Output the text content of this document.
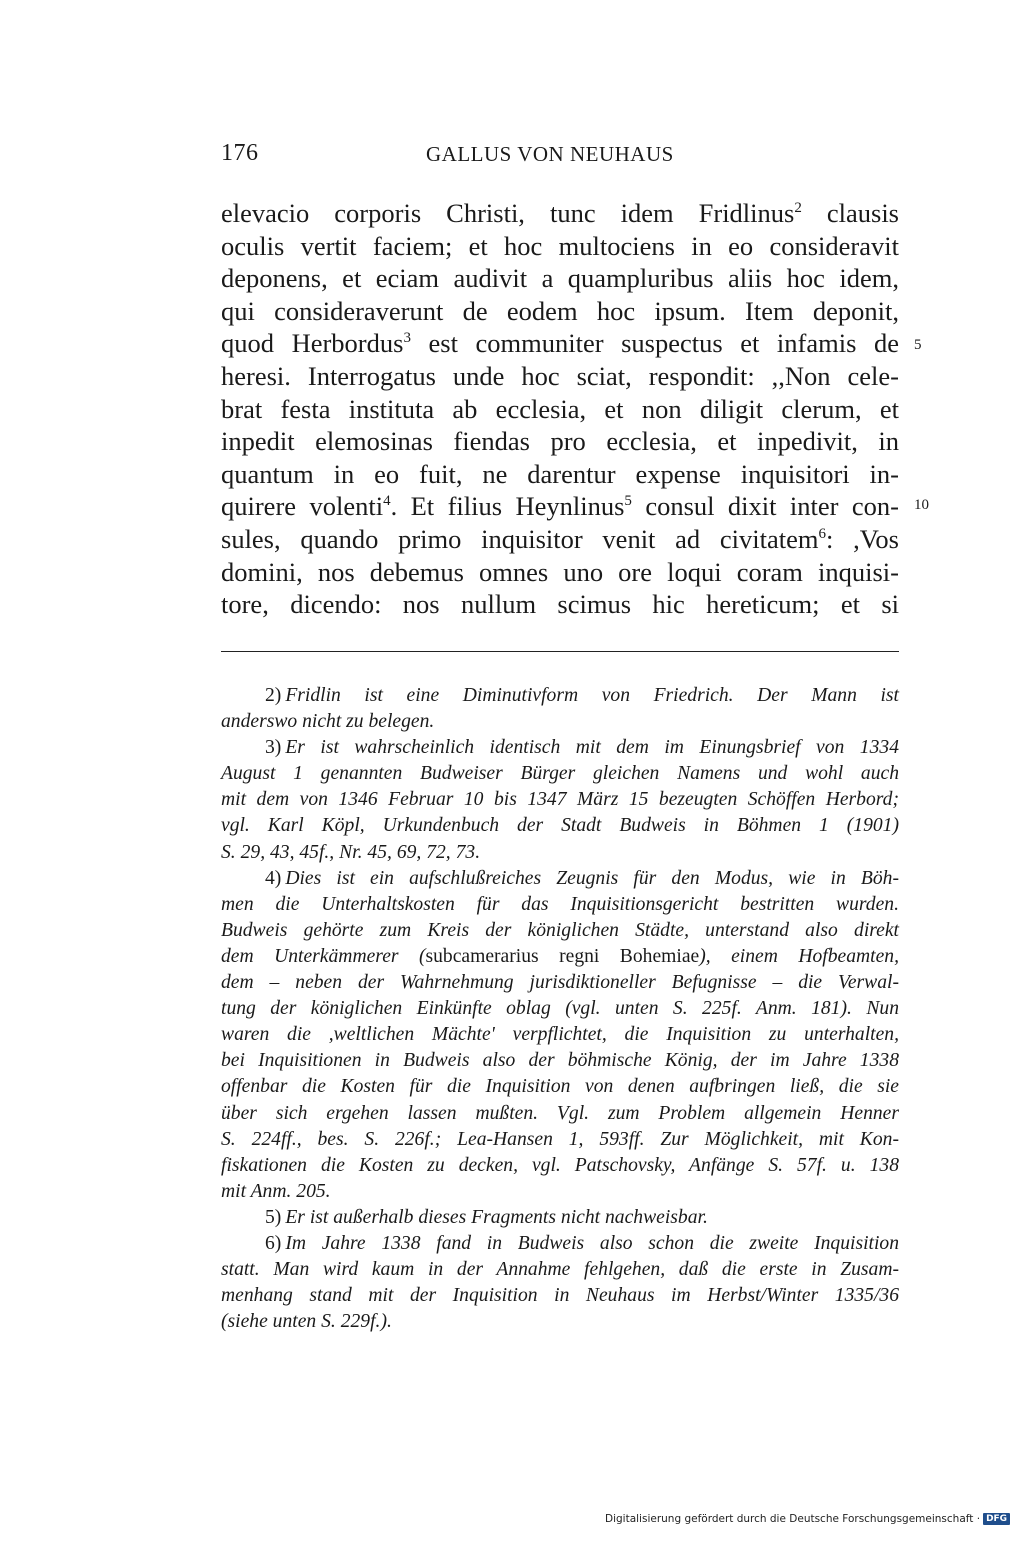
176	GALLUS VON NEUHAUS
elevacio corporis Christi, tunc idem Fridlinus$^2$ clausis
oculis vertit faciem; et hoc multociens in eo consideravit
deponens, et eciam audivit a quampluribus aliis hoc idem,
qui consideraverunt de eodem hoc ipsum. Item deponit,
quod Herbordus$^3$ est communiter suspectus et infamis de
heresi. Interrogatus unde hoc sciat, respondit: ,,Non cele-
brat festa instituta ab ecclesia, et non diligit clerum, et
inpedit elemosinas fiendas pro ecclesia, et inpedivit, in
quantum in eo fuit, ne darentur expense inquisitori in-
quirere volenti$^4$. Et filius Heynlinus$^5$ consul dixit inter con-
sules, quando primo inquisitor venit ad civitatem$^6$: ,Vos
domini, nos debemus omnes uno ore loqui coram inquisi-
tore, dicendo: nos nullum scimus hic hereticum; et si
5
10
2) Fridlin ist eine Diminutivform von Friedrich. Der Mann ist
anderswo nicht zu belegen.
3) Er ist wahrscheinlich identisch mit dem im Einungsbrief von 1334
August 1 genannten Budweiser Bürger gleichen Namens und wohl auch
mit dem von 1346 Februar 10 bis 1347 März 15 bezeugten Schöffen Herbord;
vgl. Karl Köpl, Urkundenbuch der Stadt Budweis in Böhmen 1 (1901)
S. 29, 43, 45f., Nr. 45, 69, 72, 73.
4) Dies ist ein aufschlußreiches Zeugnis für den Modus, wie in Böh-
men die Unterhaltskosten für das Inquisitionsgericht bestritten wurden.
Budweis gehörte zum Kreis der königlichen Städte, unterstand also direkt
dem Unterkämmerer (subcamerarius regni Bohemiae), einem Hofbeamten,
dem – neben der Wahrnehmung jurisdiktioneller Befugnisse – die Verwal-
tung der königlichen Einkünfte oblag (vgl. unten S. 225f. Anm. 181). Nun
waren die ,weltlichen Mächte' verpflichtet, die Inquisition zu unterhalten,
bei Inquisitionen in Budweis also der böhmische König, der im Jahre 1338
offenbar die Kosten für die Inquisition von denen aufbringen ließ, die sie
über sich ergehen lassen mußten. Vgl. zum Problem allgemein Henner
S. 224ff., bes. S. 226f.; Lea-Hansen 1, 593ff. Zur Möglichkeit, mit Kon-
fiskationen die Kosten zu decken, vgl. Patschovsky, Anfänge S. 57f. u. 138
mit Anm. 205.
5) Er ist außerhalb dieses Fragments nicht nachweisbar.
6) Im Jahre 1338 fand in Budweis also schon die zweite Inquisition
statt. Man wird kaum in der Annahme fehlgehen, daß die erste in Zusam-
menhang stand mit der Inquisition in Neuhaus im Herbst/Winter 1335/36
(siehe unten S. 229f.).
Digitalisierung gefördert durch die Deutsche Forschungsgemeinschaft · DFG
